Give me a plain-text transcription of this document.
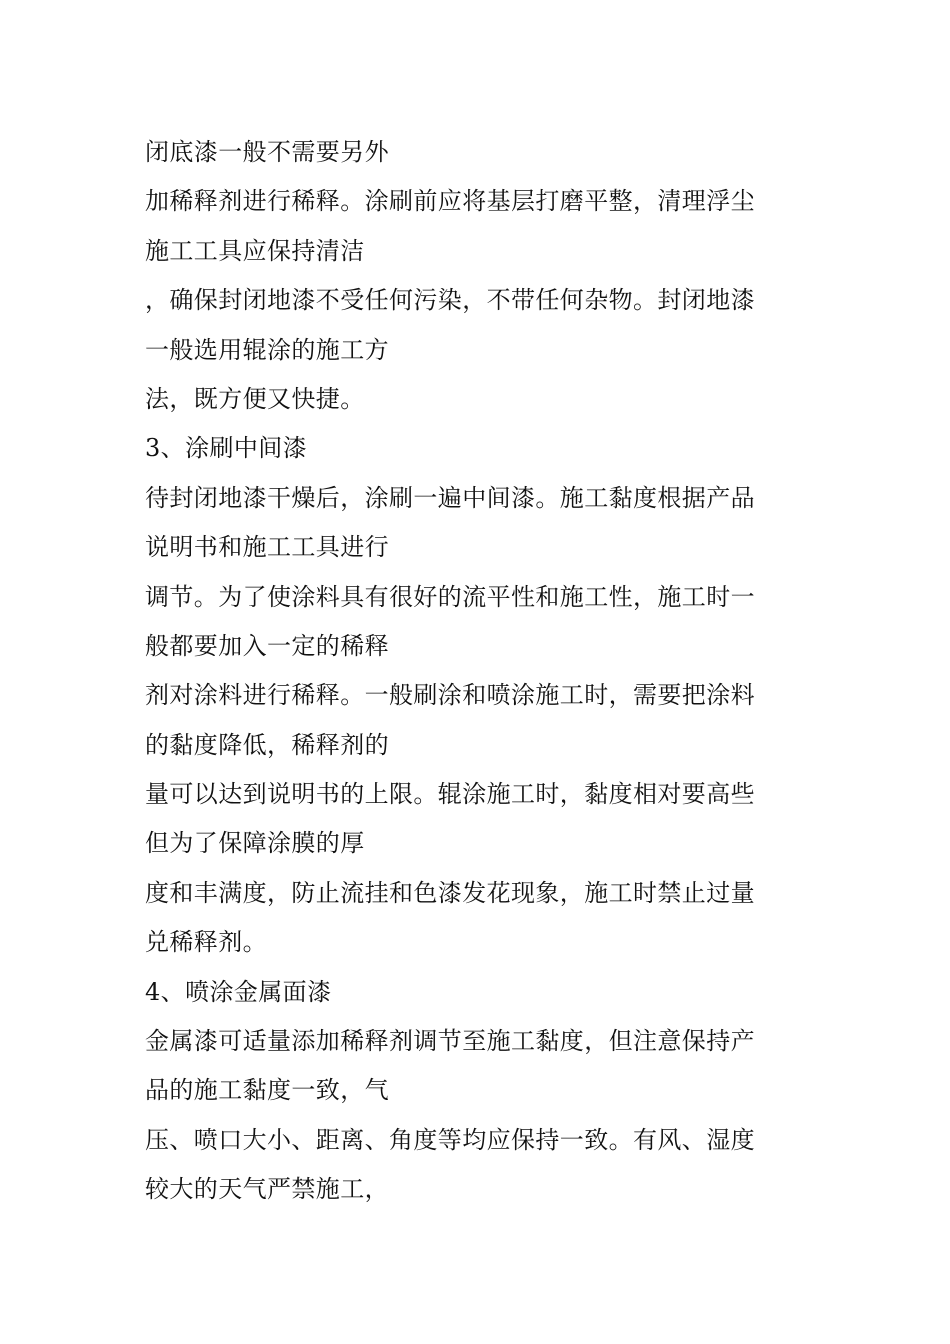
闭底漆一般不需要另外
加稀释剂进行稀释。涂刷前应将基层打磨平整，清理浮尘
施工工具应保持清洁
，确保封闭地漆不受任何污染，不带任何杂物。封闭地漆
一般选用辊涂的施工方
法，既方便又快捷。
3、涂刷中间漆
待封闭地漆干燥后，涂刷一遍中间漆。施工黏度根据产品
说明书和施工工具进行
调节。为了使涂料具有很好的流平性和施工性，施工时一
般都要加入一定的稀释
剂对涂料进行稀释。一般刷涂和喷涂施工时，需要把涂料
的黏度降低，稀释剂的
量可以达到说明书的上限。辊涂施工时，黏度相对要高些
但为了保障涂膜的厚
度和丰满度，防止流挂和色漆发花现象，施工时禁止过量
兑稀释剂。
4、喷涂金属面漆
金属漆可适量添加稀释剂调节至施工黏度，但注意保持产
品的施工黏度一致，气
压、喷口大小、距离、角度等均应保持一致。有风、湿度
较大的天气严禁施工，
